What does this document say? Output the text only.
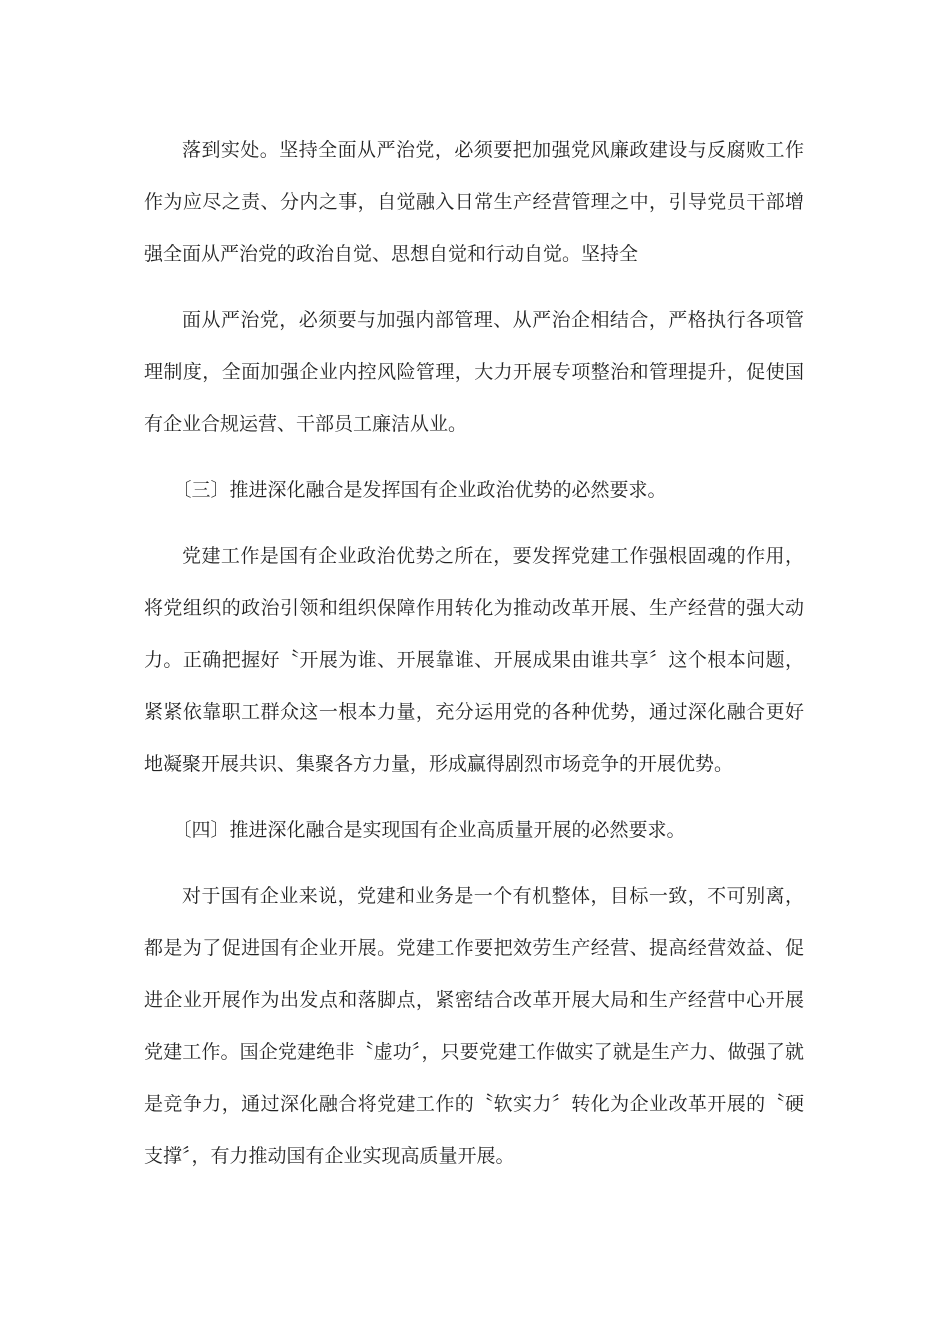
落到实处。坚持全面从严治党，必须要把加强党风廉政建设与反腐败工作作为应尽之责、分内之事，自觉融入日常生产经营管理之中，引导党员干部增强全面从严治党的政治自觉、思想自觉和行动自觉。坚持全

面从严治党，必须要与加强内部管理、从严治企相结合，严格执行各项管理制度，全面加强企业内控风险管理，大力开展专项整治和管理提升，促使国有企业合规运营、干部员工廉洁从业。

〔三〕推进深化融合是发挥国有企业政治优势的必然要求。

党建工作是国有企业政治优势之所在，要发挥党建工作强根固魂的作用，将党组织的政治引领和组织保障作用转化为推动改革开展、生产经营的强大动力。正确把握好〝开展为谁、开展靠谁、开展成果由谁共享〞这个根本问题，紧紧依靠职工群众这一根本力量，充分运用党的各种优势，通过深化融合更好地凝聚开展共识、集聚各方力量，形成赢得剧烈市场竞争的开展优势。

〔四〕推进深化融合是实现国有企业高质量开展的必然要求。

对于国有企业来说，党建和业务是一个有机整体，目标一致，不可别离，都是为了促进国有企业开展。党建工作要把效劳生产经营、提高经营效益、促进企业开展作为出发点和落脚点，紧密结合改革开展大局和生产经营中心开展党建工作。国企党建绝非〝虚功〞，只要党建工作做实了就是生产力、做强了就是竞争力，通过深化融合将党建工作的〝软实力〞转化为企业改革开展的〝硬支撑〞，有力推动国有企业实现高质量开展。
